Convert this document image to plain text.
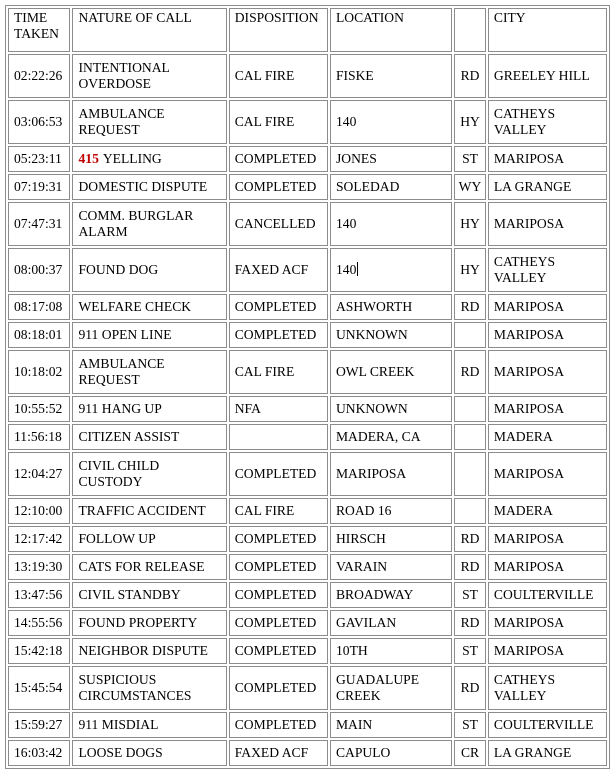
TIME TAKEN	NATURE OF CALL	DISPOSITION	LOCATION		CITY
02:22:26	INTENTIONAL OVERDOSE	CAL FIRE	FISKE	RD	GREELEY HILL
03:06:53	AMBULANCE REQUEST	CAL FIRE	140	HY	CATHEYS VALLEY
05:23:11	415 YELLING	COMPLETED	JONES	ST	MARIPOSA
07:19:31	DOMESTIC DISPUTE	COMPLETED	SOLEDAD	WY	LA GRANGE
07:47:31	COMM. BURGLAR ALARM	CANCELLED	140	HY	MARIPOSA
08:00:37	FOUND DOG	FAXED ACF	140	HY	CATHEYS VALLEY
08:17:08	WELFARE CHECK	COMPLETED	ASHWORTH	RD	MARIPOSA
08:18:01	911 OPEN LINE	COMPLETED	UNKNOWN		MARIPOSA
10:18:02	AMBULANCE REQUEST	CAL FIRE	OWL CREEK	RD	MARIPOSA
10:55:52	911 HANG UP	NFA	UNKNOWN		MARIPOSA
11:56:18	CITIZEN ASSIST		MADERA, CA		MADERA
12:04:27	CIVIL CHILD CUSTODY	COMPLETED	MARIPOSA		MARIPOSA
12:10:00	TRAFFIC ACCIDENT	CAL FIRE	ROAD 16		MADERA
12:17:42	FOLLOW UP	COMPLETED	HIRSCH	RD	MARIPOSA
13:19:30	CATS FOR RELEASE	COMPLETED	VARAIN	RD	MARIPOSA
13:47:56	CIVIL STANDBY	COMPLETED	BROADWAY	ST	COULTERVILLE
14:55:56	FOUND PROPERTY	COMPLETED	GAVILAN	RD	MARIPOSA
15:42:18	NEIGHBOR DISPUTE	COMPLETED	10TH	ST	MARIPOSA
15:45:54	SUSPICIOUS CIRCUMSTANCES	COMPLETED	GUADALUPE CREEK	RD	CATHEYS VALLEY
15:59:27	911 MISDIAL	COMPLETED	MAIN	ST	COULTERVILLE
16:03:42	LOOSE DOGS	FAXED ACF	CAPULO	CR	LA GRANGE
